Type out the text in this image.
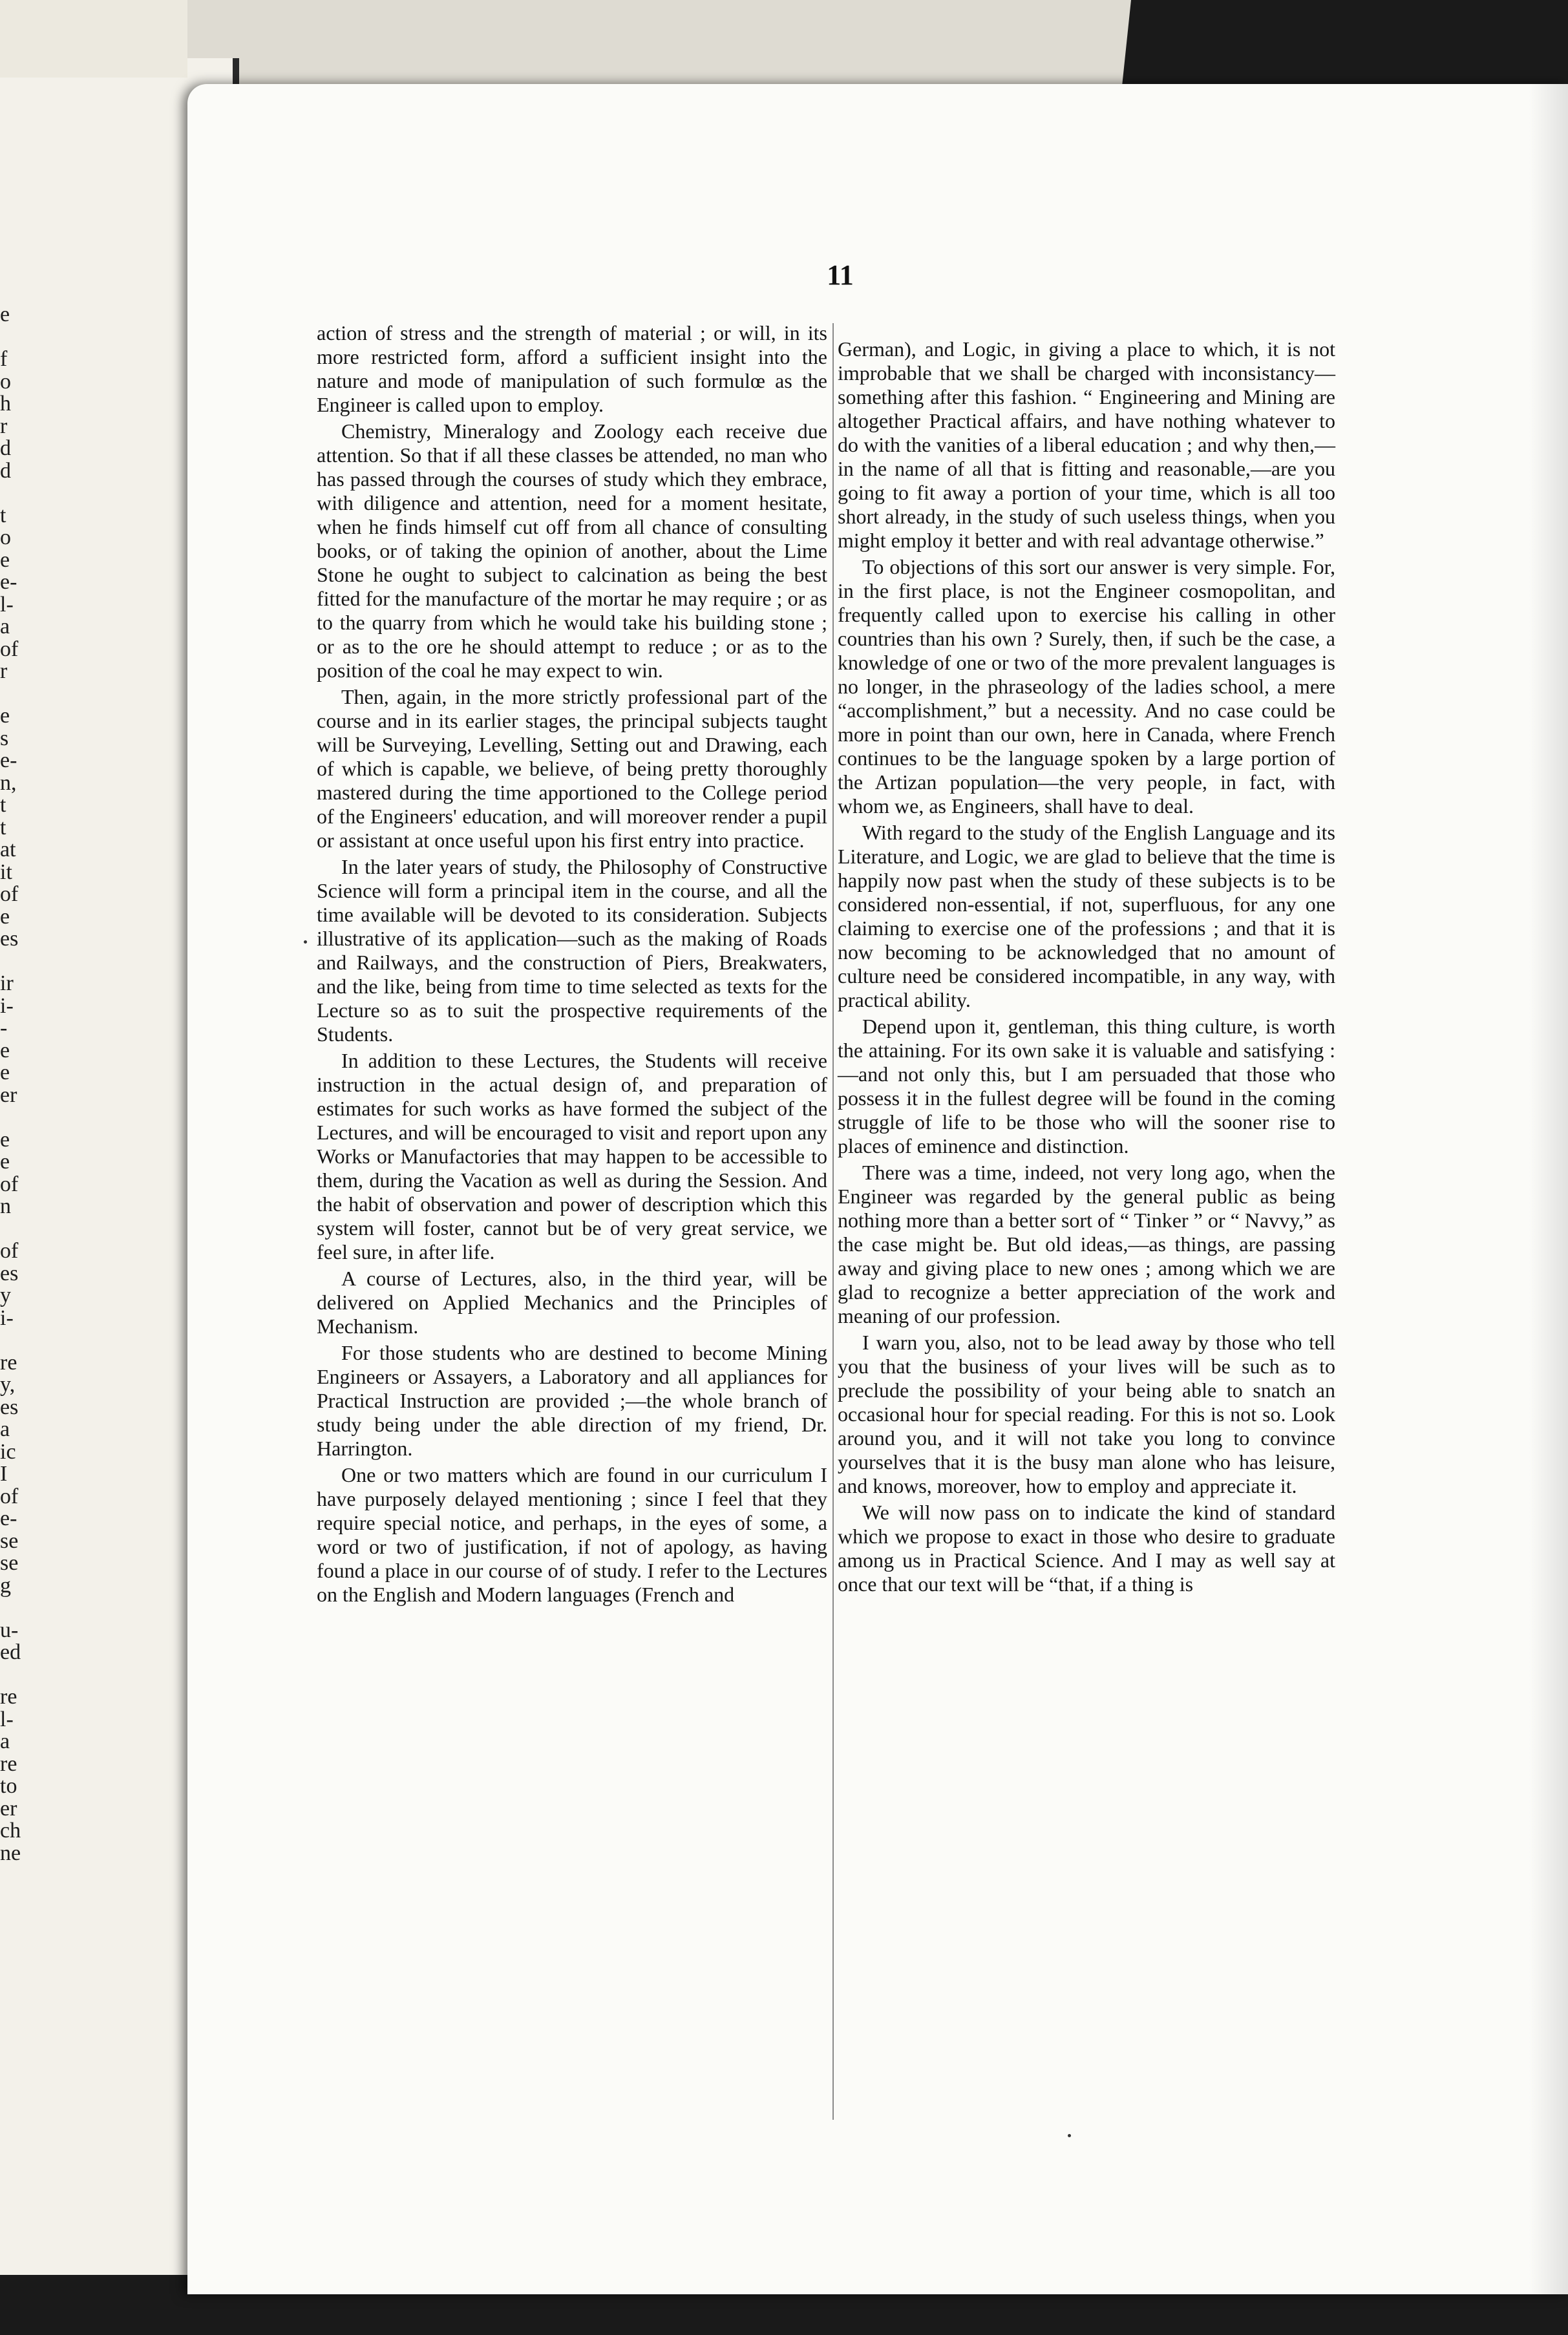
e
f
o
h
r
d
d
t
o
e
e-
l-
a
of
r
e
s
e-
n,
t
t
at
it
of
e
es
ir
i-
-
e
e
er
e
e
of
n
of
es
y
i-
re
y,
es
a
ic
I
of
e-
se
se
g
u-
ed
re
l-
a
re
to
er
ch
ne
11

action of stress and the strength of material ; or will, in its more restricted form, afford a sufficient insight into the nature and mode of manipulation of such formulœ as the Engineer is called upon to employ.

Chemistry, Mineralogy and Zoology each receive due attention. So that if all these classes be attended, no man who has passed through the courses of study which they embrace, with diligence and attention, need for a moment hesitate, when he finds himself cut off from all chance of consulting books, or of taking the opinion of another, about the Lime Stone he ought to subject to calcination as being the best fitted for the manufacture of the mortar he may require ; or as to the quarry from which he would take his building stone ; or as to the ore he should attempt to reduce ; or as to the position of the coal he may expect to win.

Then, again, in the more strictly professional part of the course and in its earlier stages, the principal subjects taught will be Surveying, Levelling, Setting out and Drawing, each of which is capable, we believe, of being pretty thoroughly mastered during the time apportioned to the College period of the Engineers' education, and will moreover render a pupil or assistant at once useful upon his first entry into practice.

In the later years of study, the Philosophy of Constructive Science will form a principal item in the course, and all the time available will be devoted to its consideration. Subjects illustrative of its application—such as the making of Roads and Railways, and the construction of Piers, Breakwaters, and the like, being from time to time selected as texts for the Lecture so as to suit the prospective requirements of the Students.

In addition to these Lectures, the Students will receive instruction in the actual design of, and preparation of estimates for such works as have formed the subject of the Lectures, and will be encouraged to visit and report upon any Works or Manufactories that may happen to be accessible to them, during the Vacation as well as during the Session. And the habit of observation and power of description which this system will foster, cannot but be of very great service, we feel sure, in after life.

A course of Lectures, also, in the third year, will be delivered on Applied Mechanics and the Principles of Mechanism.

For those students who are destined to become Mining Engineers or Assayers, a Laboratory and all appliances for Practical Instruction are provided ;—the whole branch of study being under the able direction of my friend, Dr. Harrington.

One or two matters which are found in our curriculum I have purposely delayed mentioning ; since I feel that they require special notice, and perhaps, in the eyes of some, a word or two of justification, if not of apology, as having found a place in our course of of study. I refer to the Lectures on the English and Modern languages (French and

German), and Logic, in giving a place to which, it is not improbable that we shall be charged with inconsistancy—something after this fashion. “ Engineering and Mining are altogether Practical affairs, and have nothing whatever to do with the vanities of a liberal education ; and why then,—in the name of all that is fitting and reasonable,—are you going to fit away a portion of your time, which is all too short already, in the study of such useless things, when you might employ it better and with real advantage otherwise.”

To objections of this sort our answer is very simple. For, in the first place, is not the Engineer cosmopolitan, and frequently called upon to exercise his calling in other countries than his own ? Surely, then, if such be the case, a knowledge of one or two of the more prevalent languages is no longer, in the phraseology of the ladies school, a mere “accomplishment,” but a necessity. And no case could be more in point than our own, here in Canada, where French continues to be the language spoken by a large portion of the Artizan population—the very people, in fact, with whom we, as Engineers, shall have to deal.

With regard to the study of the English Language and its Literature, and Logic, we are glad to believe that the time is happily now past when the study of these subjects is to be considered non-essential, if not, superfluous, for any one claiming to exercise one of the professions ; and that it is now becoming to be acknowledged that no amount of culture need be considered incompatible, in any way, with practical ability.

Depend upon it, gentleman, this thing culture, is worth the attaining. For its own sake it is valuable and satisfying :—and not only this, but I am persuaded that those who possess it in the fullest degree will be found in the coming struggle of life to be those who will the sooner rise to places of eminence and distinction.

There was a time, indeed, not very long ago, when the Engineer was regarded by the general public as being nothing more than a better sort of “ Tinker ” or “ Navvy,” as the case might be. But old ideas,—as things, are passing away and giving place to new ones ; among which we are glad to recognize a better appreciation of the work and meaning of our profession.

I warn you, also, not to be lead away by those who tell you that the business of your lives will be such as to preclude the possibility of your being able to snatch an occasional hour for special reading. For this is not so. Look around you, and it will not take you long to convince yourselves that it is the busy man alone who has leisure, and knows, moreover, how to employ and appreciate it.

We will now pass on to indicate the kind of standard which we propose to exact in those who desire to graduate among us in Practical Science. And I may as well say at once that our text will be “that, if a thing is
